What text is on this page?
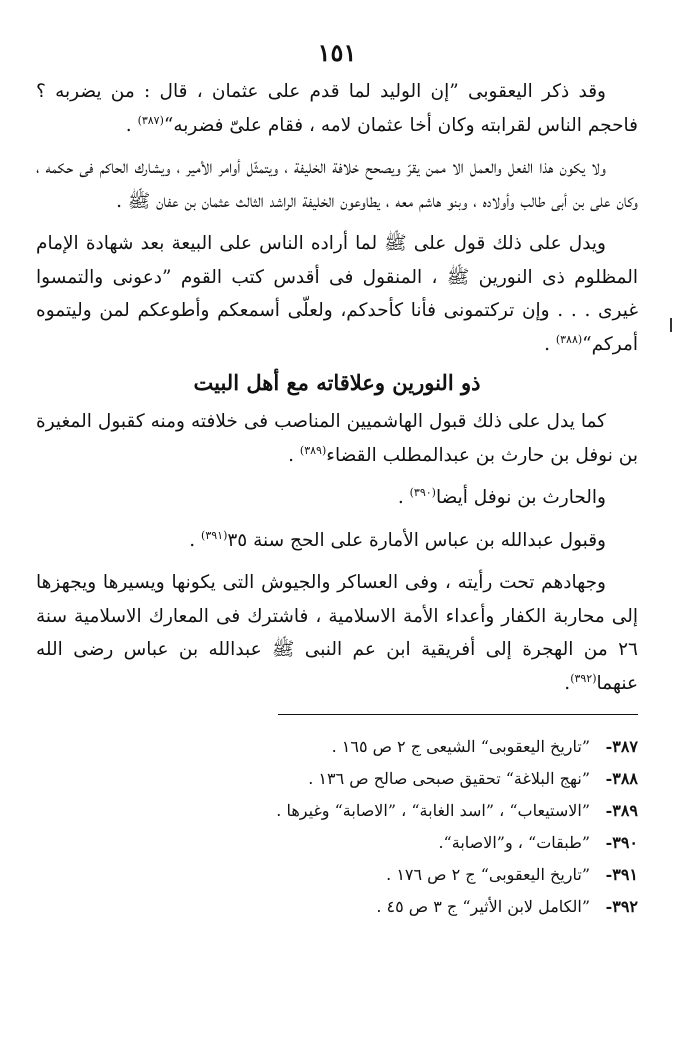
١٥١

وقد ذكر اليعقوبى ”إن الوليد لما قدم على عثمان ، قال : من يضربه ؟ فاحجم الناس لقرابته وكان أخا عثمان لامه ، فقام علىّ فضربه“$^{(٣٨٧)}$ .

ولا يكون هذا الفعل والعمل الا ممن يقرّ ويصحح خلافة الخليفة ، ويتمثّل أوامر الأمير ، ويشارك الحاكم فى حكمه ، وكان على بن أبى طالب وأولاده ، وبنو هاشم معه ، يطاوعون الخليفة الراشد الثالث عثمان بن عفان ﷺ .

ويدل على ذلك قول على ﷺ لما أراده الناس على البيعة بعد شهادة الإمام المظلوم ذى النورين ﷺ ، المنقول فى أقدس كتب القوم ”دعونى والتمسوا غيرى . . . وإن تركتمونى فأنا كأحدكم، ولعلّى أسمعكم وأطوعكم لمن وليتموه أمركم“$^{(٣٨٨)}$ .

ذو النورين وعلاقاته مع أهل البيت

كما يدل على ذلك قبول الهاشميين المناصب فى خلافته ومنه كقبول المغيرة بن نوفل بن حارث بن عبدالمطلب القضاء$^{(٣٨٩)}$ .

والحارث بن نوفل أيضا$^{(٣٩٠)}$ .

وقبول عبدالله بن عباس الأمارة على الحج سنة ٣٥$^{(٣٩١)}$ .

وجهادهم تحت رأيته ، وفى العساكر والجيوش التى يكونها ويسيرها ويجهزها إلى محاربة الكفار وأعداء الأمة الاسلامية ، فاشترك فى المعارك الاسلامية سنة ٢٦ من الهجرة إلى أفريقية ابن عم النبى ﷺ عبدالله بن عباس رضى الله عنهما$^{(٣٩٢)}$.

٣٨٧-
”تاريخ اليعقوبى“ الشيعى ج ٢ ص ١٦٥ .
٣٨٨-
”نهج البلاغة“ تحقيق صبحى صالح ص ١٣٦ .
٣٨٩-
”الاستيعاب“ ، ”اسد الغابة“ ، ”الاصابة“ وغيرها .
٣٩٠-
”طبقات“ ، و”الاصابة“.
٣٩١-
”تاريخ اليعقوبى“ ج ٢ ص ١٧٦ .
٣٩٢-
”الكامل لابن الأثير“ ج ٣ ص ٤٥ .
